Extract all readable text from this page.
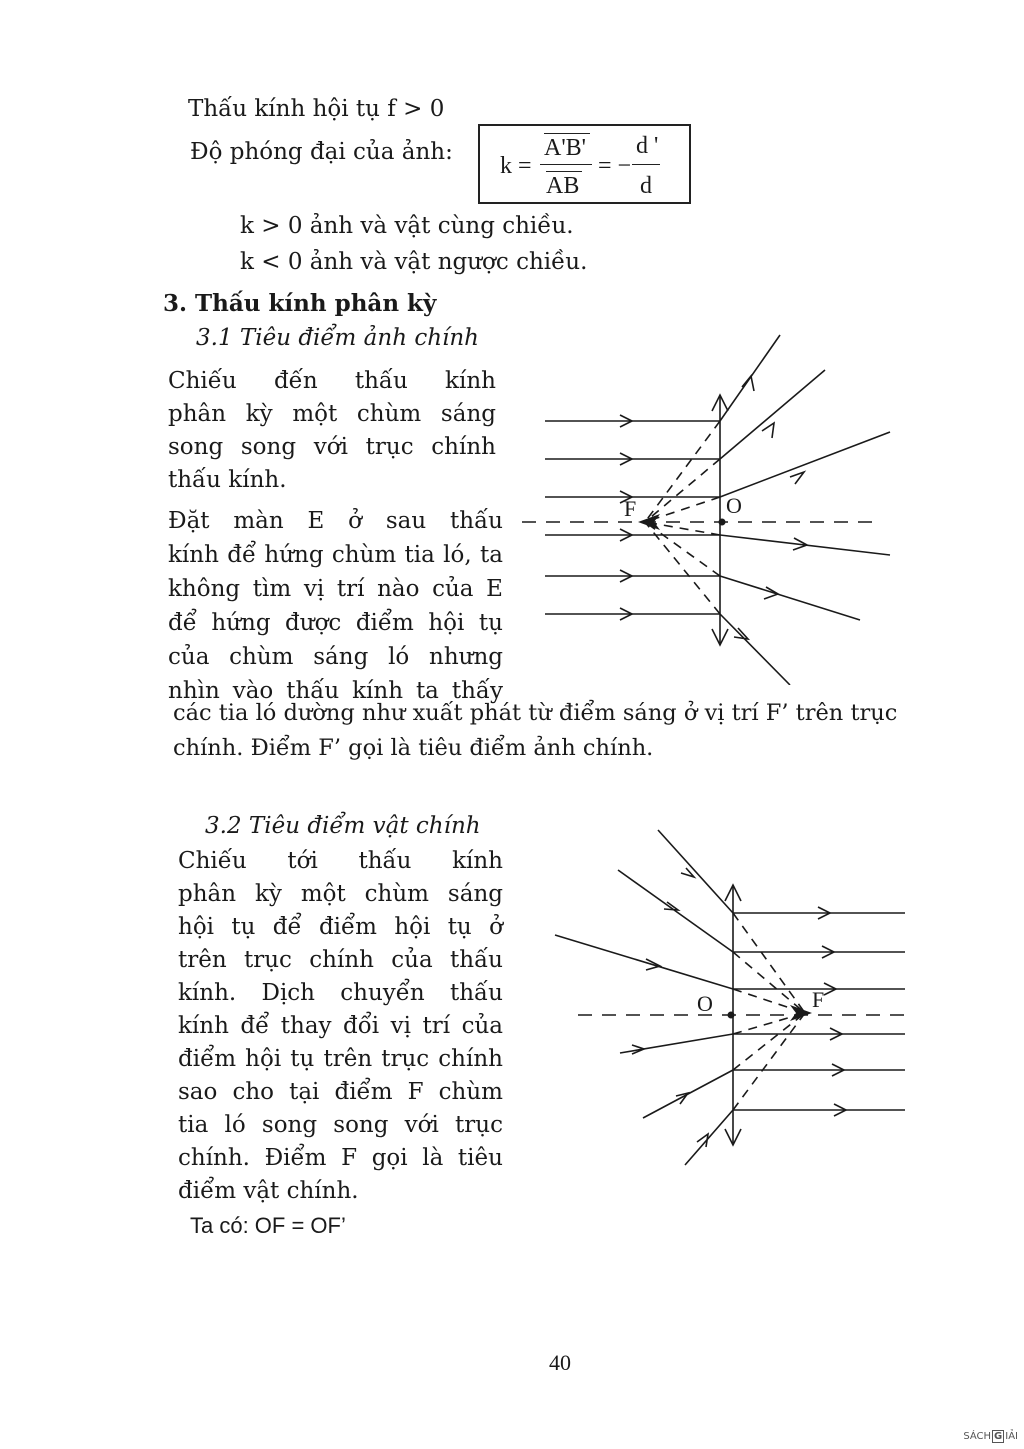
Thấu kính hội tụ f > 0
Độ phóng đại của ảnh:
k =
A'B'
AB
= −
d '
d
k > 0 ảnh và vật cùng chiều.
k < 0 ảnh và vật ngược chiều.
3. Thấu kính phân kỳ
3.1 Tiêu điểm ảnh chính
Chiếu đến thấu kính
phân kỳ một chùm sáng
song song với trục chính
thấu kính.
Đặt màn E ở sau thấu
kính để hứng chùm tia ló, ta
không tìm vị trí nào của E
để hứng được điểm hội tụ
của chùm sáng ló nhưng
nhìn vào thấu kính ta thấy
các tia ló dường như xuất phát từ điểm sáng ở vị trí F’ trên trục
chính. Điểm F’ gọi là tiêu điểm ảnh chính.
F	O
3.2 Tiêu điểm vật chính
Chiếu tới thấu kính
phân kỳ một chùm sáng
hội tụ để điểm hội tụ ở
trên trục chính của thấu
kính. Dịch chuyển thấu
kính để thay đổi vị trí của
điểm hội tụ trên trục chính
sao cho tại điểm F chùm
tia ló song song với trục
chính. Điểm F gọi là tiêu
điểm vật chính.
Ta có: OF = OF’
O	F
40
SÁCH G IẢI
